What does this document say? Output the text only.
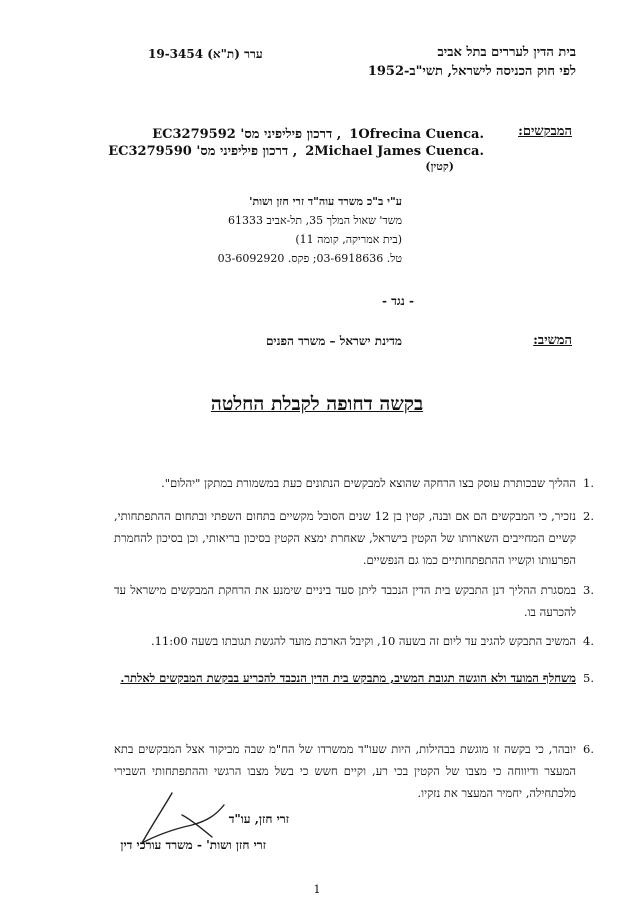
בית הדין לעררים בתל אביב
לפי חוק הכניסה לישראל, תשי"ב-1952
ערר (ת"א) 19-3454
המבקשים:
.1Ofrecina Cuenca, דרכון פיליפיני מס' EC3279592
.2Michael James Cuenca, דרכון פיליפיני מס' EC3279590
(קטין)
ע"י ב"כ משרד עוה"ד זרי חזן ושות'
משד' שאול המלך 35, תל-אביב 61333
(בית אמריקה, קומה 11)
טל. 03-6918636; פקס. 03-6092920
- נגד -
המשיב:
מדינת ישראל – משרד הפנים
בקשה דחופה לקבלת החלטה
.1
ההליך שבכותרת עוסק בצו הרחקה שהוצא למבקשים הנתונים כעת במשמורת במתקן "יהלום".
.2
נזכיר, כי המבקשים הם אם ובנה, קטין בן 12 שנים הסובל מקשיים בתחום השפתי ובתחום ההתפתחותי, קשיים המחייבים השארותו של הקטין בישראל, שאחרת ימצא הקטין בסיכון בריאותי, וכן בסיכון להחמרת הפרעותו וקשייו ההתפתחותיים כמו גם הנפשיים.
.3
במסגרת ההליך דנן התבקש בית הדין הנכבד ליתן סעד ביניים שימנע את הרחקת המבקשים מישראל עד להכרעה בו.
.4
המשיב התבקש להגיב עד ליום זה בשעה 10, וקיבל הארכת מועד להגשת תגובתו בשעה 11:00.
.5
משחלף המועד ולא הוגשה תגובת המשיב, מתבקש בית הדין הנכבד להכריע בבקשת המבקשים לאלתר.
.6
יובהר, כי בקשה זו מוגשת בבהילות, היות שעו"ד ממשרדו של הח"מ שבה מביקור אצל המבקשים בתא המעצר ודיווחה כי מצבו של הקטין בכי רע, וקיים חשש כי בשל מצבו הרגשי וההתפתחותי השבירי מלכתחילה, יחמיר המעצר את נזקיו.
זרי חזן, עו"ד
זרי חזן ושות' - משרד עורכי דין
1
